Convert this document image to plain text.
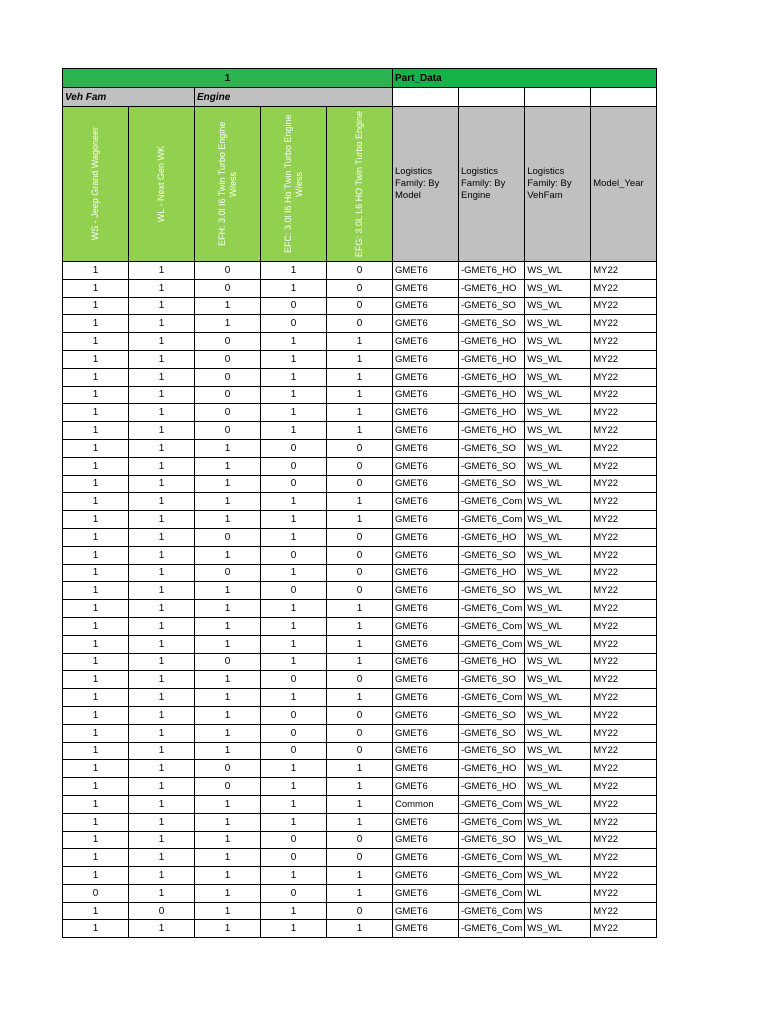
1					Part_Data			
Veh Fam		Engine						

WS - Jeep Grand Wagoneer	WL - Next Gen WK	EFH: 3.0l I6 Twin Turbo Engine W/ess	EFC: 3.0l I6 Ho Twin Turbo Engine W/ess	EFG: 3.0L L6 HO Twin Turbo Engine	Logistics Family: By Model	Logistics Family: By Engine	Logistics Family: By VehFam	Model_Year
1	1	0	1	0	GMET6	-GMET6_HO	WS_WL	MY22
1	1	0	1	0	GMET6	-GMET6_HO	WS_WL	MY22
1	1	1	0	0	GMET6	-GMET6_SO	WS_WL	MY22
1	1	1	0	0	GMET6	-GMET6_SO	WS_WL	MY22
1	1	0	1	1	GMET6	-GMET6_HO	WS_WL	MY22
1	1	0	1	1	GMET6	-GMET6_HO	WS_WL	MY22
1	1	0	1	1	GMET6	-GMET6_HO	WS_WL	MY22
1	1	0	1	1	GMET6	-GMET6_HO	WS_WL	MY22
1	1	0	1	1	GMET6	-GMET6_HO	WS_WL	MY22
1	1	0	1	1	GMET6	-GMET6_HO	WS_WL	MY22
1	1	1	0	0	GMET6	-GMET6_SO	WS_WL	MY22
1	1	1	0	0	GMET6	-GMET6_SO	WS_WL	MY22
1	1	1	0	0	GMET6	-GMET6_SO	WS_WL	MY22
1	1	1	1	1	GMET6	-GMET6_Com	WS_WL	MY22
1	1	1	1	1	GMET6	-GMET6_Com	WS_WL	MY22
1	1	0	1	0	GMET6	-GMET6_HO	WS_WL	MY22
1	1	1	0	0	GMET6	-GMET6_SO	WS_WL	MY22
1	1	0	1	0	GMET6	-GMET6_HO	WS_WL	MY22
1	1	1	0	0	GMET6	-GMET6_SO	WS_WL	MY22
1	1	1	1	1	GMET6	-GMET6_Com	WS_WL	MY22
1	1	1	1	1	GMET6	-GMET6_Com	WS_WL	MY22
1	1	1	1	1	GMET6	-GMET6_Com	WS_WL	MY22
1	1	0	1	1	GMET6	-GMET6_HO	WS_WL	MY22
1	1	1	0	0	GMET6	-GMET6_SO	WS_WL	MY22
1	1	1	1	1	GMET6	-GMET6_Com	WS_WL	MY22
1	1	1	0	0	GMET6	-GMET6_SO	WS_WL	MY22
1	1	1	0	0	GMET6	-GMET6_SO	WS_WL	MY22
1	1	1	0	0	GMET6	-GMET6_SO	WS_WL	MY22
1	1	0	1	1	GMET6	-GMET6_HO	WS_WL	MY22
1	1	0	1	1	GMET6	-GMET6_HO	WS_WL	MY22
1	1	1	1	1	Common	-GMET6_Com	WS_WL	MY22
1	1	1	1	1	GMET6	-GMET6_Com	WS_WL	MY22
1	1	1	0	0	GMET6	-GMET6_SO	WS_WL	MY22
1	1	1	0	0	GMET6	-GMET6_Com	WS_WL	MY22
1	1	1	1	1	GMET6	-GMET6_Com	WS_WL	MY22
0	1	1	0	1	GMET6	-GMET6_Com	WL	MY22
1	0	1	1	0	GMET6	-GMET6_Com	WS	MY22
1	1	1	1	1	GMET6	-GMET6_Com	WS_WL	MY22
